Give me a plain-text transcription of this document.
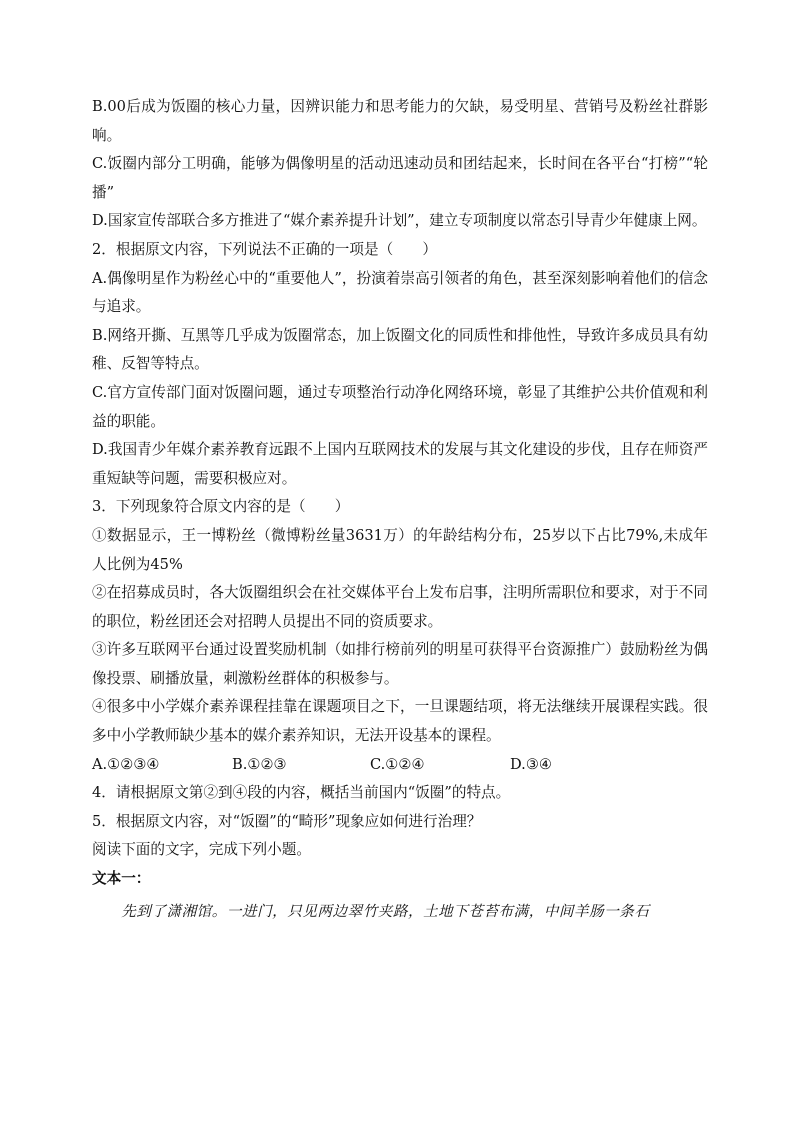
B.00后成为饭圈的核心力量，因辨识能力和思考能力的欠缺，易受明星、营销号及粉丝社群影响。

C.饭圈内部分工明确，能够为偶像明星的活动迅速动员和团结起来，长时间在各平台“打榜”“轮播”

D.国家宣传部联合多方推进了“媒介素养提升计划”，建立专项制度以常态引导青少年健康上网。

2．根据原文内容，下列说法不正确的一项是（　　）

A.偶像明星作为粉丝心中的“重要他人”，扮演着崇高引领者的角色，甚至深刻影响着他们的信念与追求。

B.网络开撕、互黑等几乎成为饭圈常态，加上饭圈文化的同质性和排他性，导致许多成员具有幼稚、反智等特点。

C.官方宣传部门面对饭圈问题，通过专项整治行动净化网络环境，彰显了其维护公共价值观和利益的职能。

D.我国青少年媒介素养教育远跟不上国内互联网技术的发展与其文化建设的步伐，且存在师资严重短缺等问题，需要积极应对。

3．下列现象符合原文内容的是（　　）

①数据显示，王一博粉丝（微博粉丝量3631万）的年龄结构分布，25岁以下占比79%,未成年人比例为45%

②在招募成员时，各大饭圈组织会在社交媒体平台上发布启事，注明所需职位和要求，对于不同的职位，粉丝团还会对招聘人员提出不同的资质要求。

③许多互联网平台通过设置奖励机制（如排行榜前列的明星可获得平台资源推广）鼓励粉丝为偶像投票、刷播放量，刺激粉丝群体的积极参与。

④很多中小学媒介素养课程挂靠在课题项目之下，一旦课题结项，将无法继续开展课程实践。很多中小学教师缺少基本的媒介素养知识，无法开设基本的课程。

A.①②③④	B.①②③	C.①②④	D.③④

4．请根据原文第②到④段的内容，概括当前国内“饭圈”的特点。

5．根据原文内容，对“饭圈”的“畸形”现象应如何进行治理？

阅读下面的文字，完成下列小题。

文本一：

先到了潇湘馆。一进门，只见两边翠竹夹路，土地下苍苔布满，中间羊肠一条石
